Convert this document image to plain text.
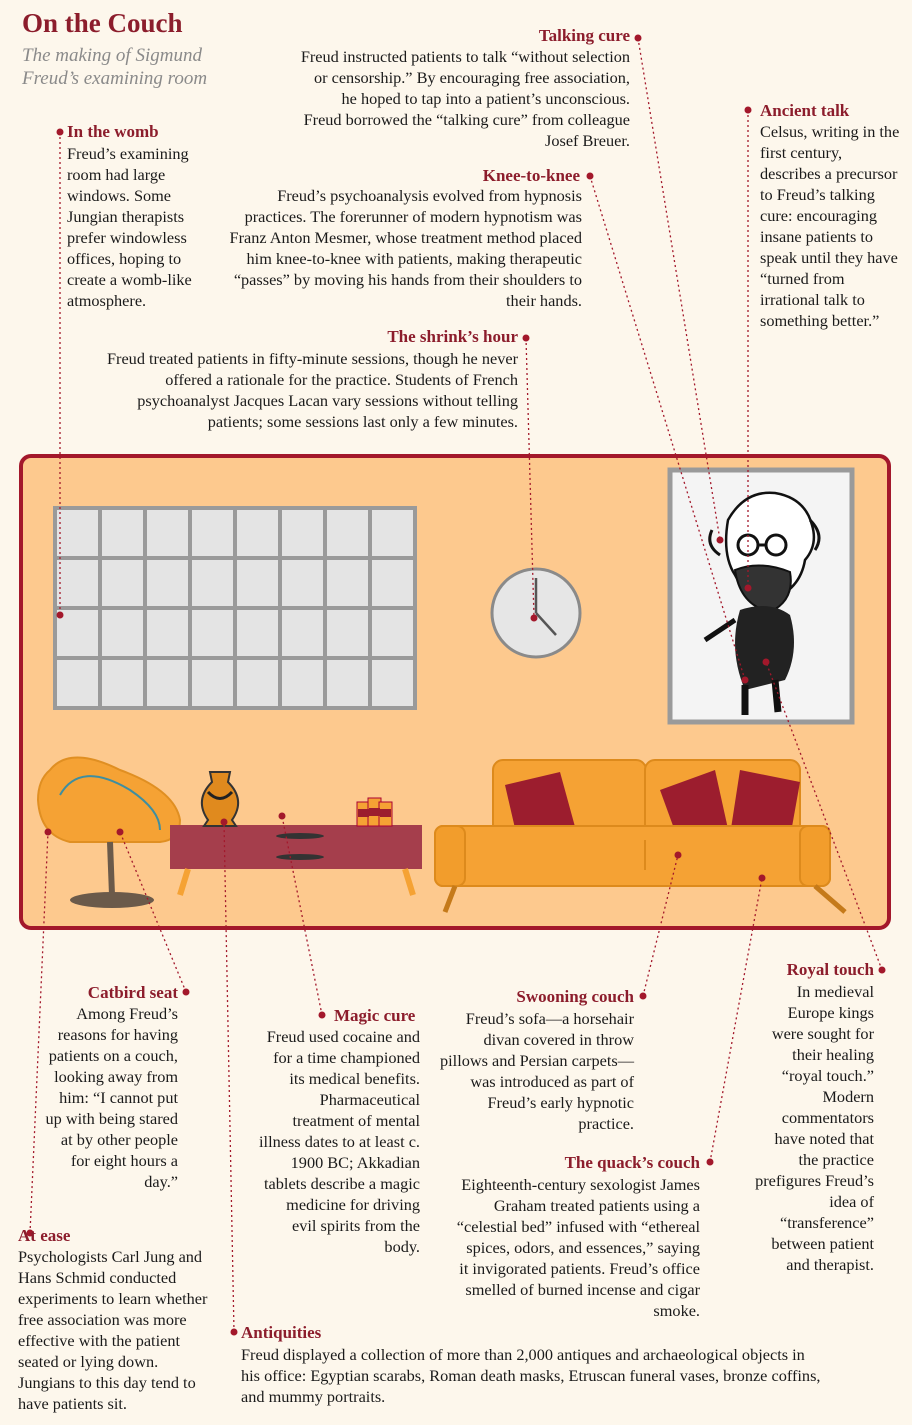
On the Couch
The making of Sigmund
Freud’s examining room
Talking cure
Freud instructed patients to talk “without selection or censorship.” By encouraging free association, he hoped to tap into a patient’s unconscious. Freud borrowed the “talking cure” from colleague Josef Breuer.
Ancient talk
Celsus, writing in the first century, describes a precursor to Freud’s talking cure: encouraging insane patients to speak until they have “turned from irrational talk to something better.”
In the womb
Freud’s examining room had large windows. Some Jungian therapists prefer windowless offices, hoping to create a womb-like atmosphere.
Knee-to-knee
Freud’s psychoanalysis evolved from hypnosis practices. The forerunner of modern hypnotism was Franz Anton Mesmer, whose treatment method placed him knee-to-knee with patients, making therapeutic “passes” by moving his hands from their shoulders to their hands.
The shrink’s hour
Freud treated patients in fifty-minute sessions, though he never offered a rationale for the practice. Students of French psychoanalyst Jacques Lacan vary sessions without telling patients; some sessions last only a few minutes.
Catbird seat
Among Freud’s reasons for having patients on a couch, looking away from him: “I cannot put up with being stared at by other people for eight hours a day.”
Magic cure
Freud used cocaine and for a time championed its medical benefits. Pharmaceutical treatment of mental illness dates to at least c. 1900 BC; Akkadian tablets describe a magic medicine for driving evil spirits from the body.
Swooning couch
Freud’s sofa—a horsehair divan covered in throw pillows and Persian carpets—was introduced as part of Freud’s early hypnotic practice.
Royal touch
In medieval Europe kings were sought for their healing “royal touch.” Modern commentators have noted that the practice prefigures Freud’s idea of “transference” between patient and therapist.
The quack’s couch
Eighteenth-century sexologist James Graham treated patients using a “celestial bed” infused with “ethereal spices, odors, and essences,” saying it invigorated patients. Freud’s office smelled of burned incense and cigar smoke.
At ease
Psychologists Carl Jung and Hans Schmid conducted experiments to learn whether free association was more effective with the patient seated or lying down. Jungians to this day tend to have patients sit.
Antiquities
Freud displayed a collection of more than 2,000 antiques and archaeological objects in his office: Egyptian scarabs, Roman death masks, Etruscan funeral vases, bronze coffins, and mummy portraits.
